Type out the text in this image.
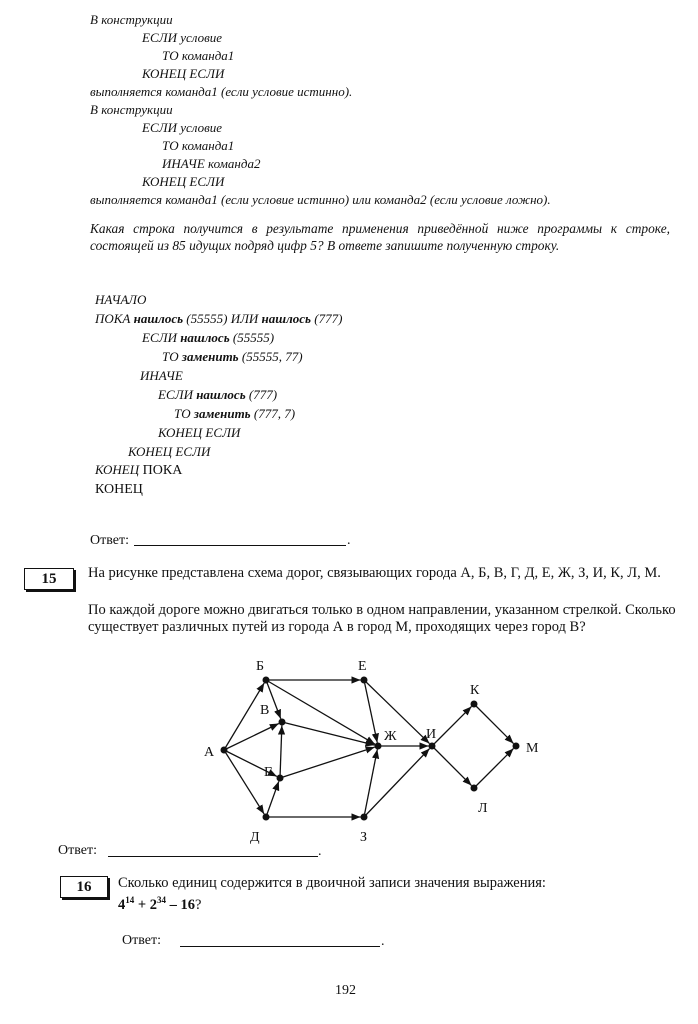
В конструкции
ЕСЛИ условие
ТО команда1
КОНЕЦ ЕСЛИ
выполняется команда1 (если условие истинно).
В конструкции
ЕСЛИ условие
ТО команда1
ИНАЧЕ команда2
КОНЕЦ ЕСЛИ
выполняется команда1 (если условие истинно) или команда2 (если условие ложно).
Какая строка получится в результате применения приведённой ниже программы к строке, состоящей из 85 идущих подряд цифр 5? В ответе запишите полученную строку.
НАЧАЛО
ПОКА нашлось (55555) ИЛИ нашлось (777)
ЕСЛИ нашлось (55555)
ТО заменить (55555, 77)
ИНАЧЕ
ЕСЛИ нашлось (777)
ТО заменить (777, 7)
КОНЕЦ ЕСЛИ
КОНЕЦ ЕСЛИ
КОНЕЦ ПОКА
КОНЕЦ
Ответ:	.
15	На рисунке представлена схема дорог, связывающих города А, Б, В, Г, Д, Е, Ж, З, И, К, Л, М.
По каждой дороге можно двигаться только в одном направлении, указанном стрелкой. Сколько существует различных путей из города А в город М, проходящих через город В?
А
Б
В
Г
Д
Е
Ж
З
И
К
Л
М
Ответ:	.
16	Сколько единиц содержится в двоичной записи значения выражения:
$4^{14} + 2^{34} - 16$?
Ответ:	.
192
